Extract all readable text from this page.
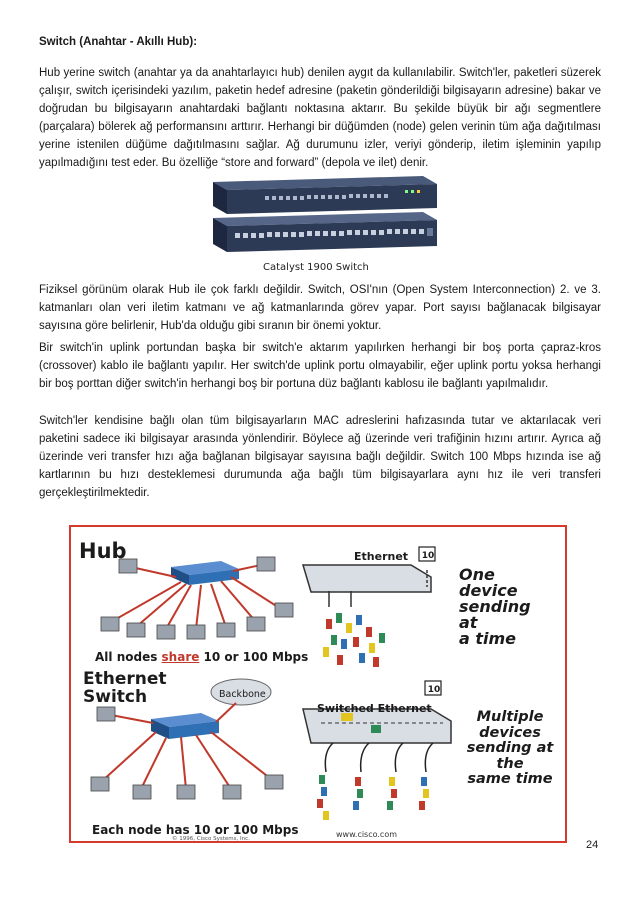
Switch (Anahtar - Akıllı Hub):
Hub yerine switch (anahtar ya da anahtarlayıcı hub) denilen aygıt da kullanılabilir. Switch'ler, paketleri süzerek çalışır, switch içerisindeki yazılım, paketin hedef adresine (paketin gönderildiği bilgisayarın adresine) bakar ve doğrudan bu bilgisayarın anahtardaki bağlantı noktasına aktarır. Bu şekilde büyük bir ağı segmentlere (parçalara) bölerek ağ performansını arttırır. Herhangi bir düğümden (node) gelen verinin tüm ağa dağıtılması yerine istenilen düğüme dağıtılmasını sağlar. Ağ durumunu izler, veriyi gönderip, iletim işleminin yapılıp yapılmadığını test eder. Bu özelliğe “store and forward” (depola ve ilet) denir.
Catalyst 1900 Switch
Fiziksel görünüm olarak Hub ile çok farklı değildir. Switch, OSI'nın (Open System Interconnection) 2. ve 3. katmanları olan veri iletim katmanı ve ağ katmanlarında görev yapar. Port sayısı bağlanacak bilgisayar sayısına göre belirlenir, Hub'da olduğu gibi sıranın bir önemi yoktur.
Bir switch'in uplink portundan başka bir switch'e aktarım yapılırken herhangi bir boş porta çapraz-kros (crossover) kablo ile bağlantı yapılır. Her switch'de uplink portu olmayabilir, eğer uplink portu yoksa herhangi bir boş porttan diğer switch'in herhangi boş bir portuna düz bağlantı kablosu ile bağlantı yapılmalıdır.
Switch'ler kendisine bağlı olan tüm bilgisayarların MAC adreslerini hafızasında tutar ve aktarılacak veri paketini sadece iki bilgisayar arasında yönlendirir. Böylece ağ üzerinde veri trafiğinin hızını artırır. Ayrıca ağ üzerinde veri transfer hızı ağa bağlanan bilgisayar sayısına bağlı değildir. Switch 100 Mbps hızında ise ağ kartlarının bu hızı desteklemesi durumunda ağa bağlı tüm bilgisayarlara aynı hız ile veri transferi gerçekleştirilmektedir.
Hub
All nodes share 10 or 100 Mbps
Ethernet
Switch
Each node has 10 or 100 Mbps
Backbone
Ethernet 10
One device
sending at
a time
Switched Ethernet
10
Multiple devices
sending at the
same time
© 1996, Cisco Systems, Inc.	www.cisco.com
24
